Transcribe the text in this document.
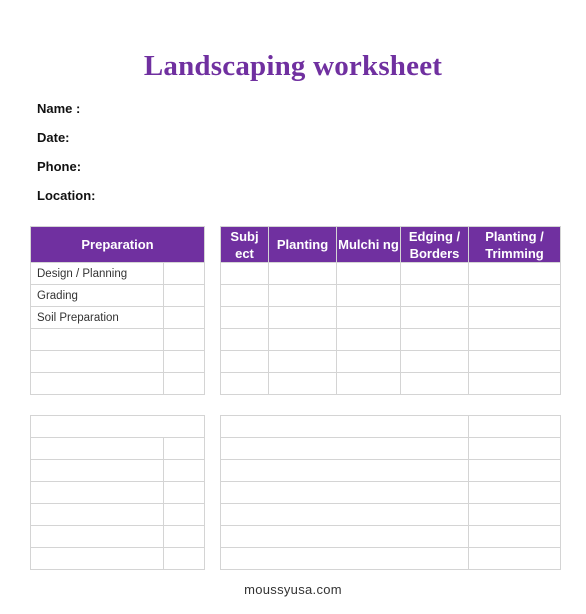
Landscaping worksheet
Name :
Date:
Phone:
Location:
Preparation	
Design / Planning	
Grading	
Soil Preparation	

Subj ect	Planting	Mulchi ng	Edging / Borders	Planting / Trimming

moussyusa.com
